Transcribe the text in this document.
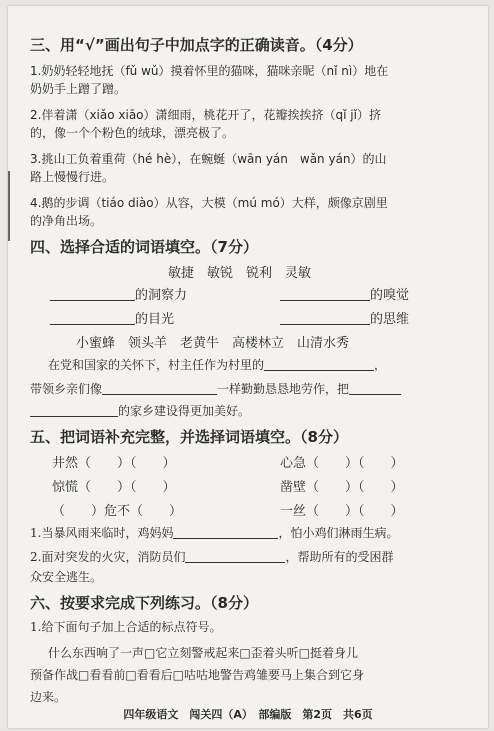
三、用“√”画出句子中加点字的正确读音。（4分）
1.奶奶轻轻地抚（fǔ wǔ）摸着怀里的猫咪，猫咪亲昵（nǐ nì）地在
奶奶手上蹭了蹭。
2.伴着潇（xiǎo xiāo）潇细雨，桃花开了，花瓣挨挨挤（qǐ jǐ）挤
的，像一个个粉色的绒球，漂亮极了。
3.挑山工负着重荷（hé hè），在蜿蜒（wān yán　wǎn yán）的山
路上慢慢行进。
4.鹅的步调（tiáo diào）从容，大模（mú mó）大样，颇像京剧里
的净角出场。
四、选择合适的词语填空。（7分）
敏捷　敏锐　锐利　灵敏
的洞察力	的嗅觉
的目光	的思维
小蜜蜂　领头羊　老黄牛　高楼林立　山清水秀
在党和国家的关怀下，村主任作为村里的	，
带领乡亲们像	一样勤勤恳恳地劳作，把
的家乡建设得更加美好。
五、把词语补充完整，并选择词语填空。（8分）
井然（　　）（　　）	心急（　　）（　　）
惊慌（　　）（　　）	凿壁（　　）（　　）
（　　）危不（　　）	一丝（　　）（　　）
1.当暴风雨来临时，鸡妈妈	，怕小鸡们淋雨生病。
2.面对突发的火灾，消防员们	，帮助所有的受困群
众安全逃生。
六、按要求完成下列练习。（8分）
1.给下面句子加上合适的标点符号。
什么东西响了一声□它立刻警戒起来□歪着头听□挺着身儿
预备作战□看看前□看看后□咕咕地警告鸡雏要马上集合到它身
边来。
四年级语文　闯关四（A）　部编版　第2页　共6页
